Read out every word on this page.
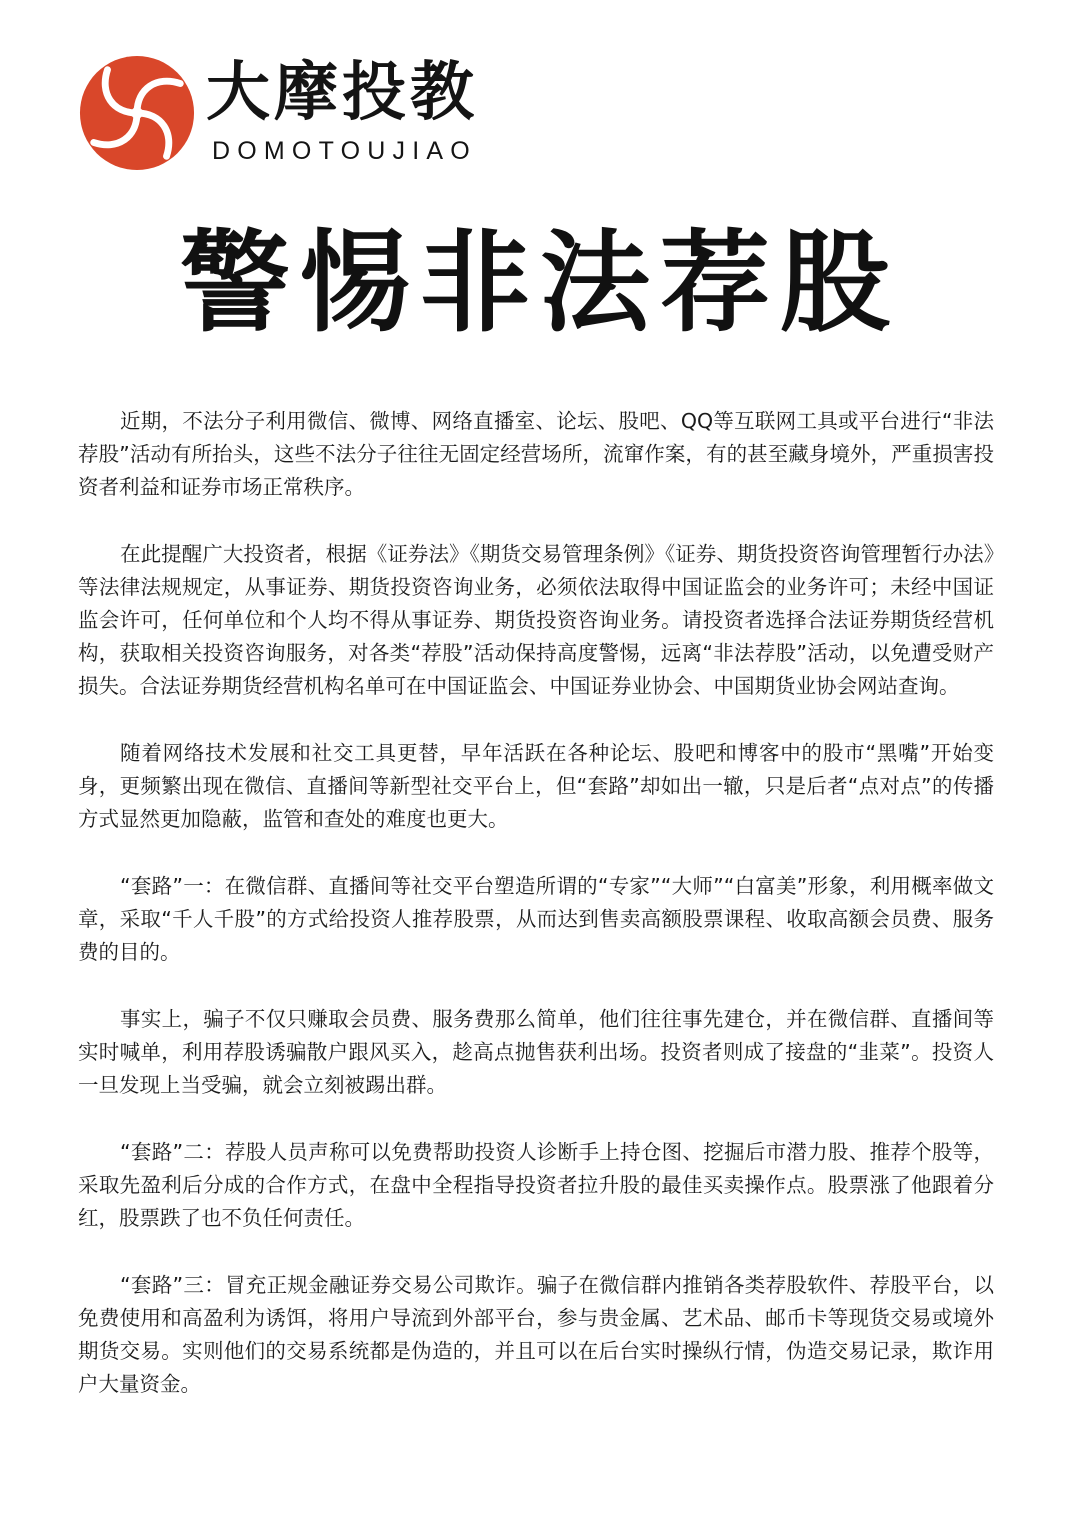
大摩投教
DOMOTOUJIAO
警惕非法荐股

近期，不法分子利用微信、微博、网络直播室、论坛、股吧、QQ等互联网工具或平台进行“非法荐股”活动有所抬头，这些不法分子往往无固定经营场所，流窜作案，有的甚至藏身境外，严重损害投资者利益和证券市场正常秩序。

在此提醒广大投资者，根据《证券法》《期货交易管理条例》《证券、期货投资咨询管理暂行办法》等法律法规规定，从事证券、期货投资咨询业务，必须依法取得中国证监会的业务许可；未经中国证监会许可，任何单位和个人均不得从事证券、期货投资咨询业务。请投资者选择合法证券期货经营机构，获取相关投资咨询服务，对各类“荐股”活动保持高度警惕，远离“非法荐股”活动，以免遭受财产损失。合法证券期货经营机构名单可在中国证监会、中国证券业协会、中国期货业协会网站查询。

随着网络技术发展和社交工具更替，早年活跃在各种论坛、股吧和博客中的股市“黑嘴”开始变身，更频繁出现在微信、直播间等新型社交平台上，但“套路”却如出一辙，只是后者“点对点”的传播方式显然更加隐蔽，监管和查处的难度也更大。

“套路”一：在微信群、直播间等社交平台塑造所谓的“专家”“大师”“白富美”形象，利用概率做文章，采取“千人千股”的方式给投资人推荐股票，从而达到售卖高额股票课程、收取高额会员费、服务费的目的。

事实上，骗子不仅只赚取会员费、服务费那么简单，他们往往事先建仓，并在微信群、直播间等实时喊单，利用荐股诱骗散户跟风买入，趁高点抛售获利出场。投资者则成了接盘的“韭菜”。投资人一旦发现上当受骗，就会立刻被踢出群。

“套路”二：荐股人员声称可以免费帮助投资人诊断手上持仓图、挖掘后市潜力股、推荐个股等，采取先盈利后分成的合作方式，在盘中全程指导投资者拉升股的最佳买卖操作点。股票涨了他跟着分红，股票跌了也不负任何责任。

“套路”三：冒充正规金融证券交易公司欺诈。骗子在微信群内推销各类荐股软件、荐股平台，以免费使用和高盈利为诱饵，将用户导流到外部平台，参与贵金属、艺术品、邮币卡等现货交易或境外期货交易。实则他们的交易系统都是伪造的，并且可以在后台实时操纵行情，伪造交易记录，欺诈用户大量资金。
